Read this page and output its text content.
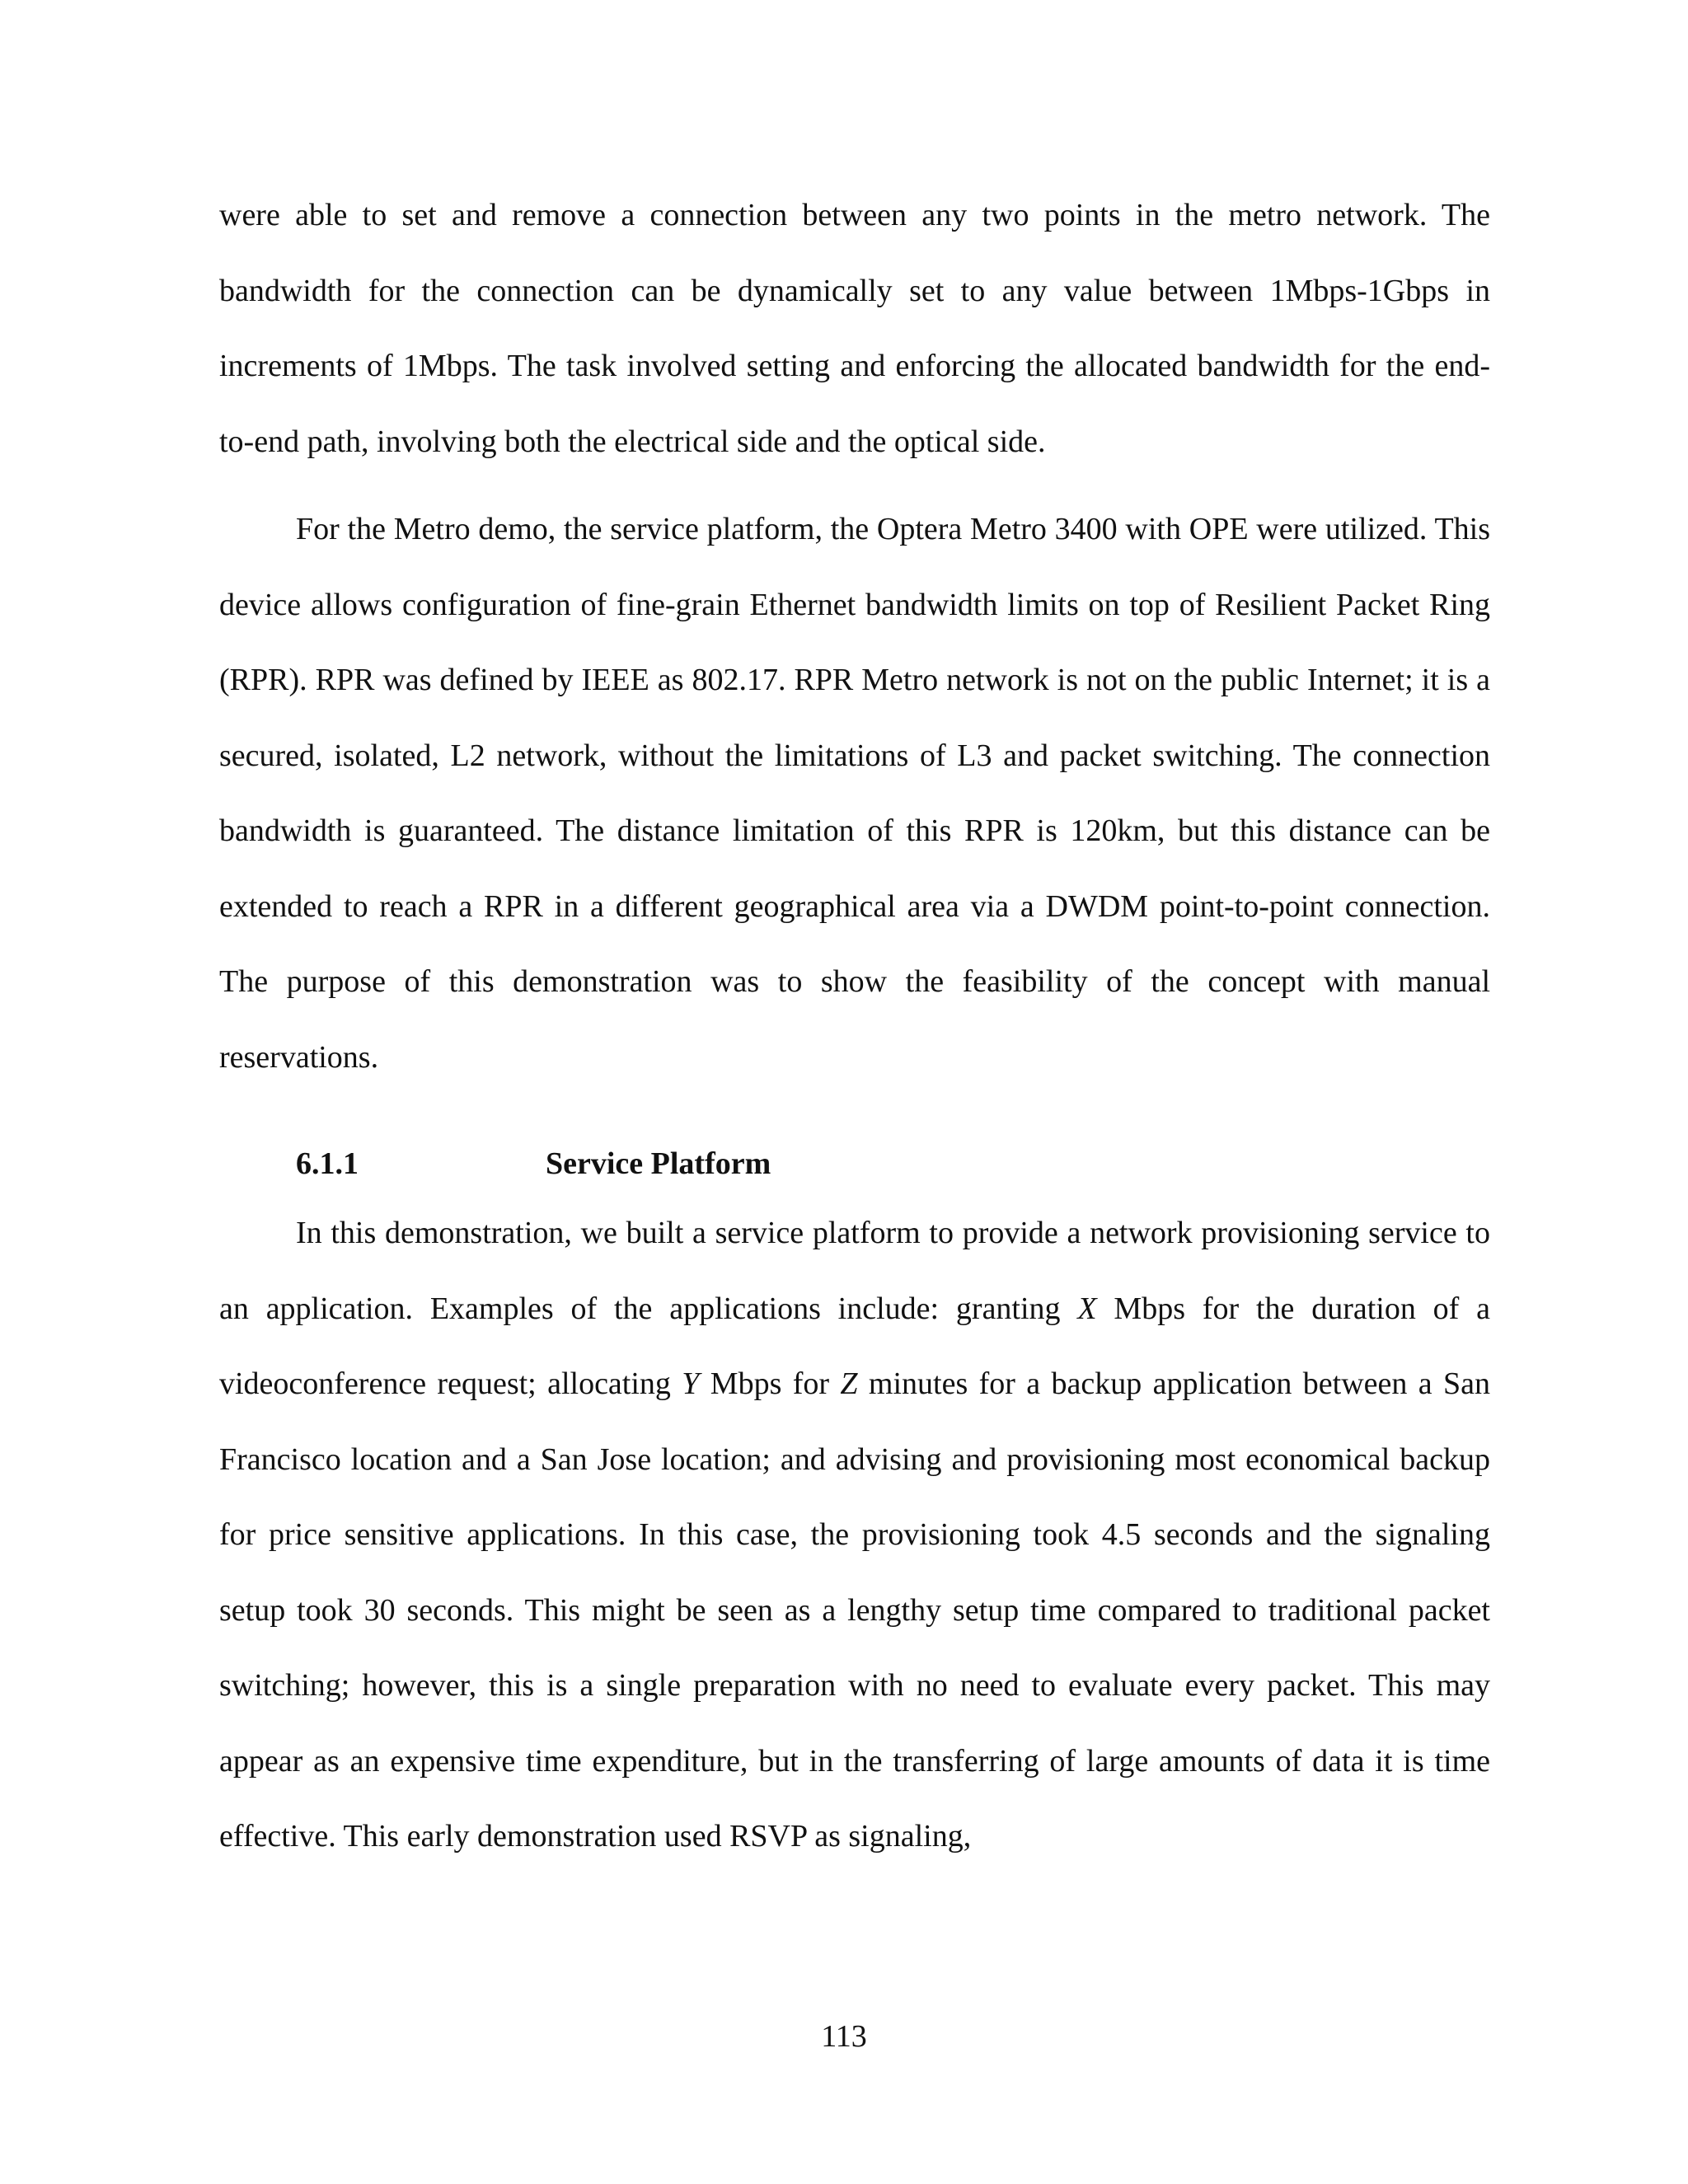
were able to set and remove a connection between any two points in the metro network. The bandwidth for the connection can be dynamically set to any value between 1Mbps-1Gbps in increments of 1Mbps. The task involved setting and enforcing the allocated bandwidth for the end-to-end path, involving both the electrical side and the optical side.

For the Metro demo, the service platform, the Optera Metro 3400 with OPE were utilized. This device allows configuration of fine-grain Ethernet bandwidth limits on top of Resilient Packet Ring (RPR). RPR was defined by IEEE as 802.17. RPR Metro network is not on the public Internet; it is a secured, isolated, L2 network, without the limitations of L3 and packet switching. The connection bandwidth is guaranteed. The distance limitation of this RPR is 120km, but this distance can be extended to reach a RPR in a different geographical area via a DWDM point-to-point connection. The purpose of this demonstration was to show the feasibility of the concept with manual reservations.

6.1.1	Service Platform

In this demonstration, we built a service platform to provide a network provisioning service to an application. Examples of the applications include: granting X Mbps for the duration of a videoconference request; allocating Y Mbps for Z minutes for a backup application between a San Francisco location and a San Jose location; and advising and provisioning most economical backup for price sensitive applications. In this case, the provisioning took 4.5 seconds and the signaling setup took 30 seconds. This might be seen as a lengthy setup time compared to traditional packet switching; however, this is a single preparation with no need to evaluate every packet. This may appear as an expensive time expenditure, but in the transferring of large amounts of data it is time effective. This early demonstration used RSVP as signaling,

113
